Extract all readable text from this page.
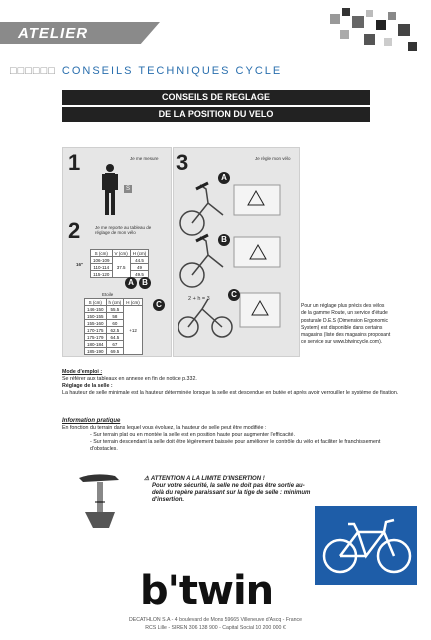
ATELIER
□□□□□□ CONSEILS TECHNIQUES CYCLE
CONSEILS DE REGLAGE
DE LA POSITION DU VELO
1	Je me mesure
S
2	Je me reporte au tableau de réglage de mon vélo
16"
S (cm)	V (cm)	H (cm)
106-109	37.5	44.5
110-114		49
115-120		49.5
A	B
C
Etoile
S (cm)	h (cm)	H (cm)
146-150	55.5	+12
150-155	58	
155-160	60	
170-175	62.5	
175-179	64.5	
180-184	67	
185-190	69.5	
3	Je règle mon vélo
A
B
C
2 + h = 3
Pour un réglage plus précis des vélos de la gamme Route, un service d'étude posturale D.E.S (Dimension Ergonomic System) est disponible dans certains magasins (liste des magasins proposant ce service sur www.btwincycle.com).
Mode d'emploi :
Se référer aux tableaux en annexe en fin de notice p.332.
Réglage de la selle :
La hauteur de selle minimale est la hauteur déterminée lorsque la selle est descendue en butée et après avoir verrouiller le système de fixation.
Information pratique
En fonction du terrain dans lequel vous évoluez, la hauteur de selle peut être modifiée :
- Sur terrain plat ou en montée la selle est en position haute pour augmenter l'efficacité.
- Sur terrain descendant la selle doit être légèrement baissée pour améliorer le contrôle du vélo et faciliter le franchissement d'obstacles.
⚠ ATTENTION A LA LIMITE D'INSERTION !
Pour votre sécurité, la selle ne doit pas être sortie au-delà du repère paraissant sur la tige de selle : minimum d'insertion.
b'twin
DECATHLON S.A - 4 boulevard de Mons 59665 Villeneuve d'Ascq - France
RCS Lille - SIREN 306 138 900 - Capital Social 10 200 000 €
